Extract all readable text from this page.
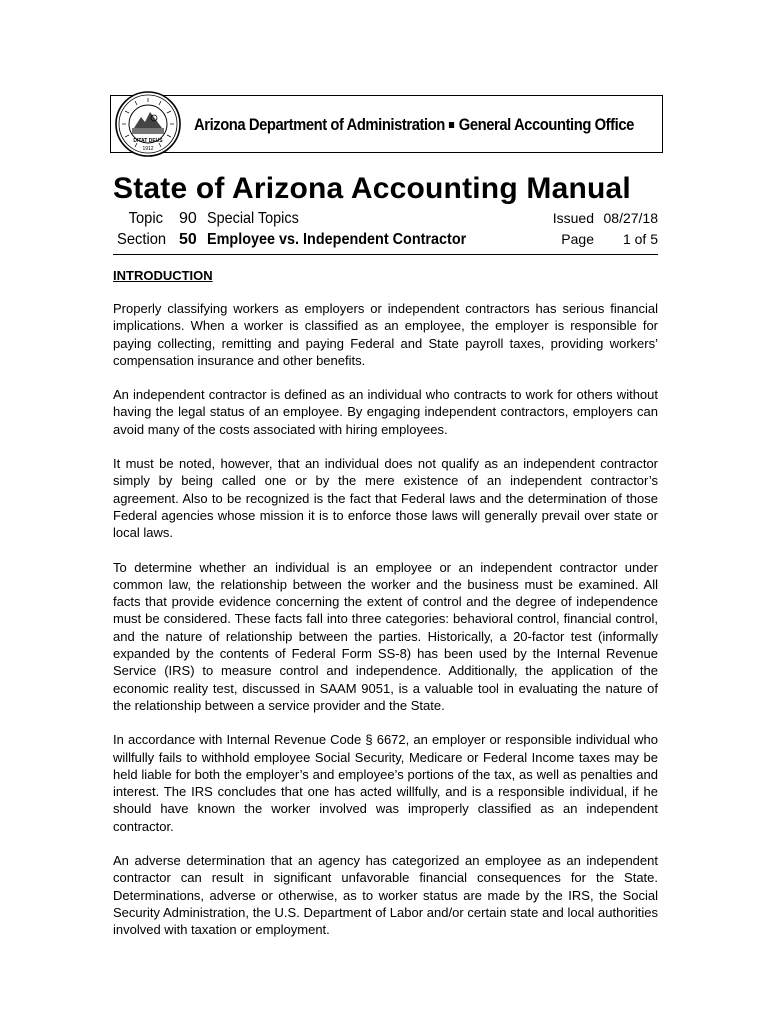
DITAT DEUS
1912
Arizona Department of Administration General Accounting Office
State of Arizona Accounting Manual
Topic 90 Special Topics	Issued 08/27/18
Section 50 Employee vs. Independent Contractor	Page 1 of 5
INTRODUCTION

Properly classifying workers as employers or independent contractors has serious financial implications. When a worker is classified as an employee, the employer is responsible for paying collecting, remitting and paying Federal and State payroll taxes, providing workers’ compensation insurance and other benefits.

An independent contractor is defined as an individual who contracts to work for others without having the legal status of an employee. By engaging independent contractors, employers can avoid many of the costs associated with hiring employees.

It must be noted, however, that an individual does not qualify as an independent contractor simply by being called one or by the mere existence of an independent contractor’s agreement. Also to be recognized is the fact that Federal laws and the determination of those Federal agencies whose mission it is to enforce those laws will generally prevail over state or local laws.

To determine whether an individual is an employee or an independent contractor under common law, the relationship between the worker and the business must be examined. All facts that provide evidence concerning the extent of control and the degree of independence must be considered. These facts fall into three categories: behavioral control, financial control, and the nature of relationship between the parties. Historically, a 20-factor test (informally expanded by the contents of Federal Form SS-8) has been used by the Internal Revenue Service (IRS) to measure control and independence. Additionally, the application of the economic reality test, discussed in SAAM 9051, is a valuable tool in evaluating the nature of the relationship between a service provider and the State.

In accordance with Internal Revenue Code § 6672, an employer or responsible individual who willfully fails to withhold employee Social Security, Medicare or Federal Income taxes may be held liable for both the employer’s and employee’s portions of the tax, as well as penalties and interest. The IRS concludes that one has acted willfully, and is a responsible individual, if he should have known the worker involved was improperly classified as an independent contractor.

An adverse determination that an agency has categorized an employee as an independent contractor can result in significant unfavorable financial consequences for the State. Determinations, adverse or otherwise, as to worker status are made by the IRS, the Social Security Administration, the U.S. Department of Labor and/or certain state and local authorities involved with taxation or employment.
